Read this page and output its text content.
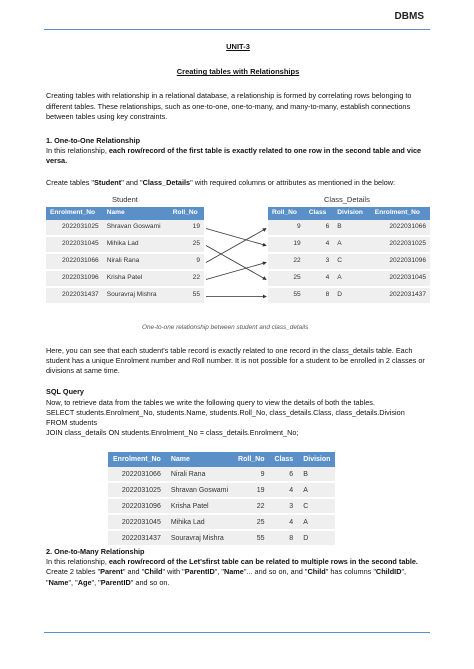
DBMS
UNIT-3
Creating tables with Relationships

Creating tables with relationship in a relational database, a relationship is formed by correlating rows belonging to different tables. These relationships, such as one-to-one, one-to-many, and many-to-many, establish connections between tables using key constraints.

1. One-to-One Relationship

In this relationship, each row/record of the first table is exactly related to one row in the second table and vice versa.

Create tables "Student" and "Class_Details" with required columns or attributes as mentioned in the below:

Student	Class_Details
Enrolment_No	Name	Roll_No
2022031025	Shravan Goswami	19
2022031045	Mihika Lad	25
2022031066	Nirali Rana	9
2022031096	Krisha Patel	22
2022031437	Souravraj Mishra	55
Roll_No	Class	Division	Enrolment_No
9	6	B	2022031066
19	4	A	2022031025
22	3	C	2022031096
25	4	A	2022031045
55	8	D	2022031437
One-to-one relationship between student and class_details

Here, you can see that each student's table record is exactly related to one record in the class_details table. Each student has a unique Enrolment number and Roll number. It is not possible for a student to be enrolled in 2 classes or divisions at same time.

SQL Query

Now, to retrieve data from the tables we write the following query to view the details of both the tables.

SELECT students.Enrolment_No, students.Name, students.Roll_No, class_details.Class, class_details.Division

FROM students

JOIN class_details ON students.Enrolment_No = class_details.Enrolment_No;

Enrolment_No	Name	Roll_No	Class	Division
2022031066	Nirali Rana	9	6	B
2022031025	Shravan Goswami	19	4	A
2022031096	Krisha Patel	22	3	C
2022031045	Mihika Lad	25	4	A
2022031437	Souravraj Mishra	55	8	D

2. One-to-Many Relationship

In this relationship, each row/record of the Let'sfirst table can be related to multiple rows in the second table.

Create 2 tables "Parent" and "Child" with "ParentID", "Name"... and so on, and "Child" has columns "ChildID", "Name", "Age", "ParentID" and so on.
